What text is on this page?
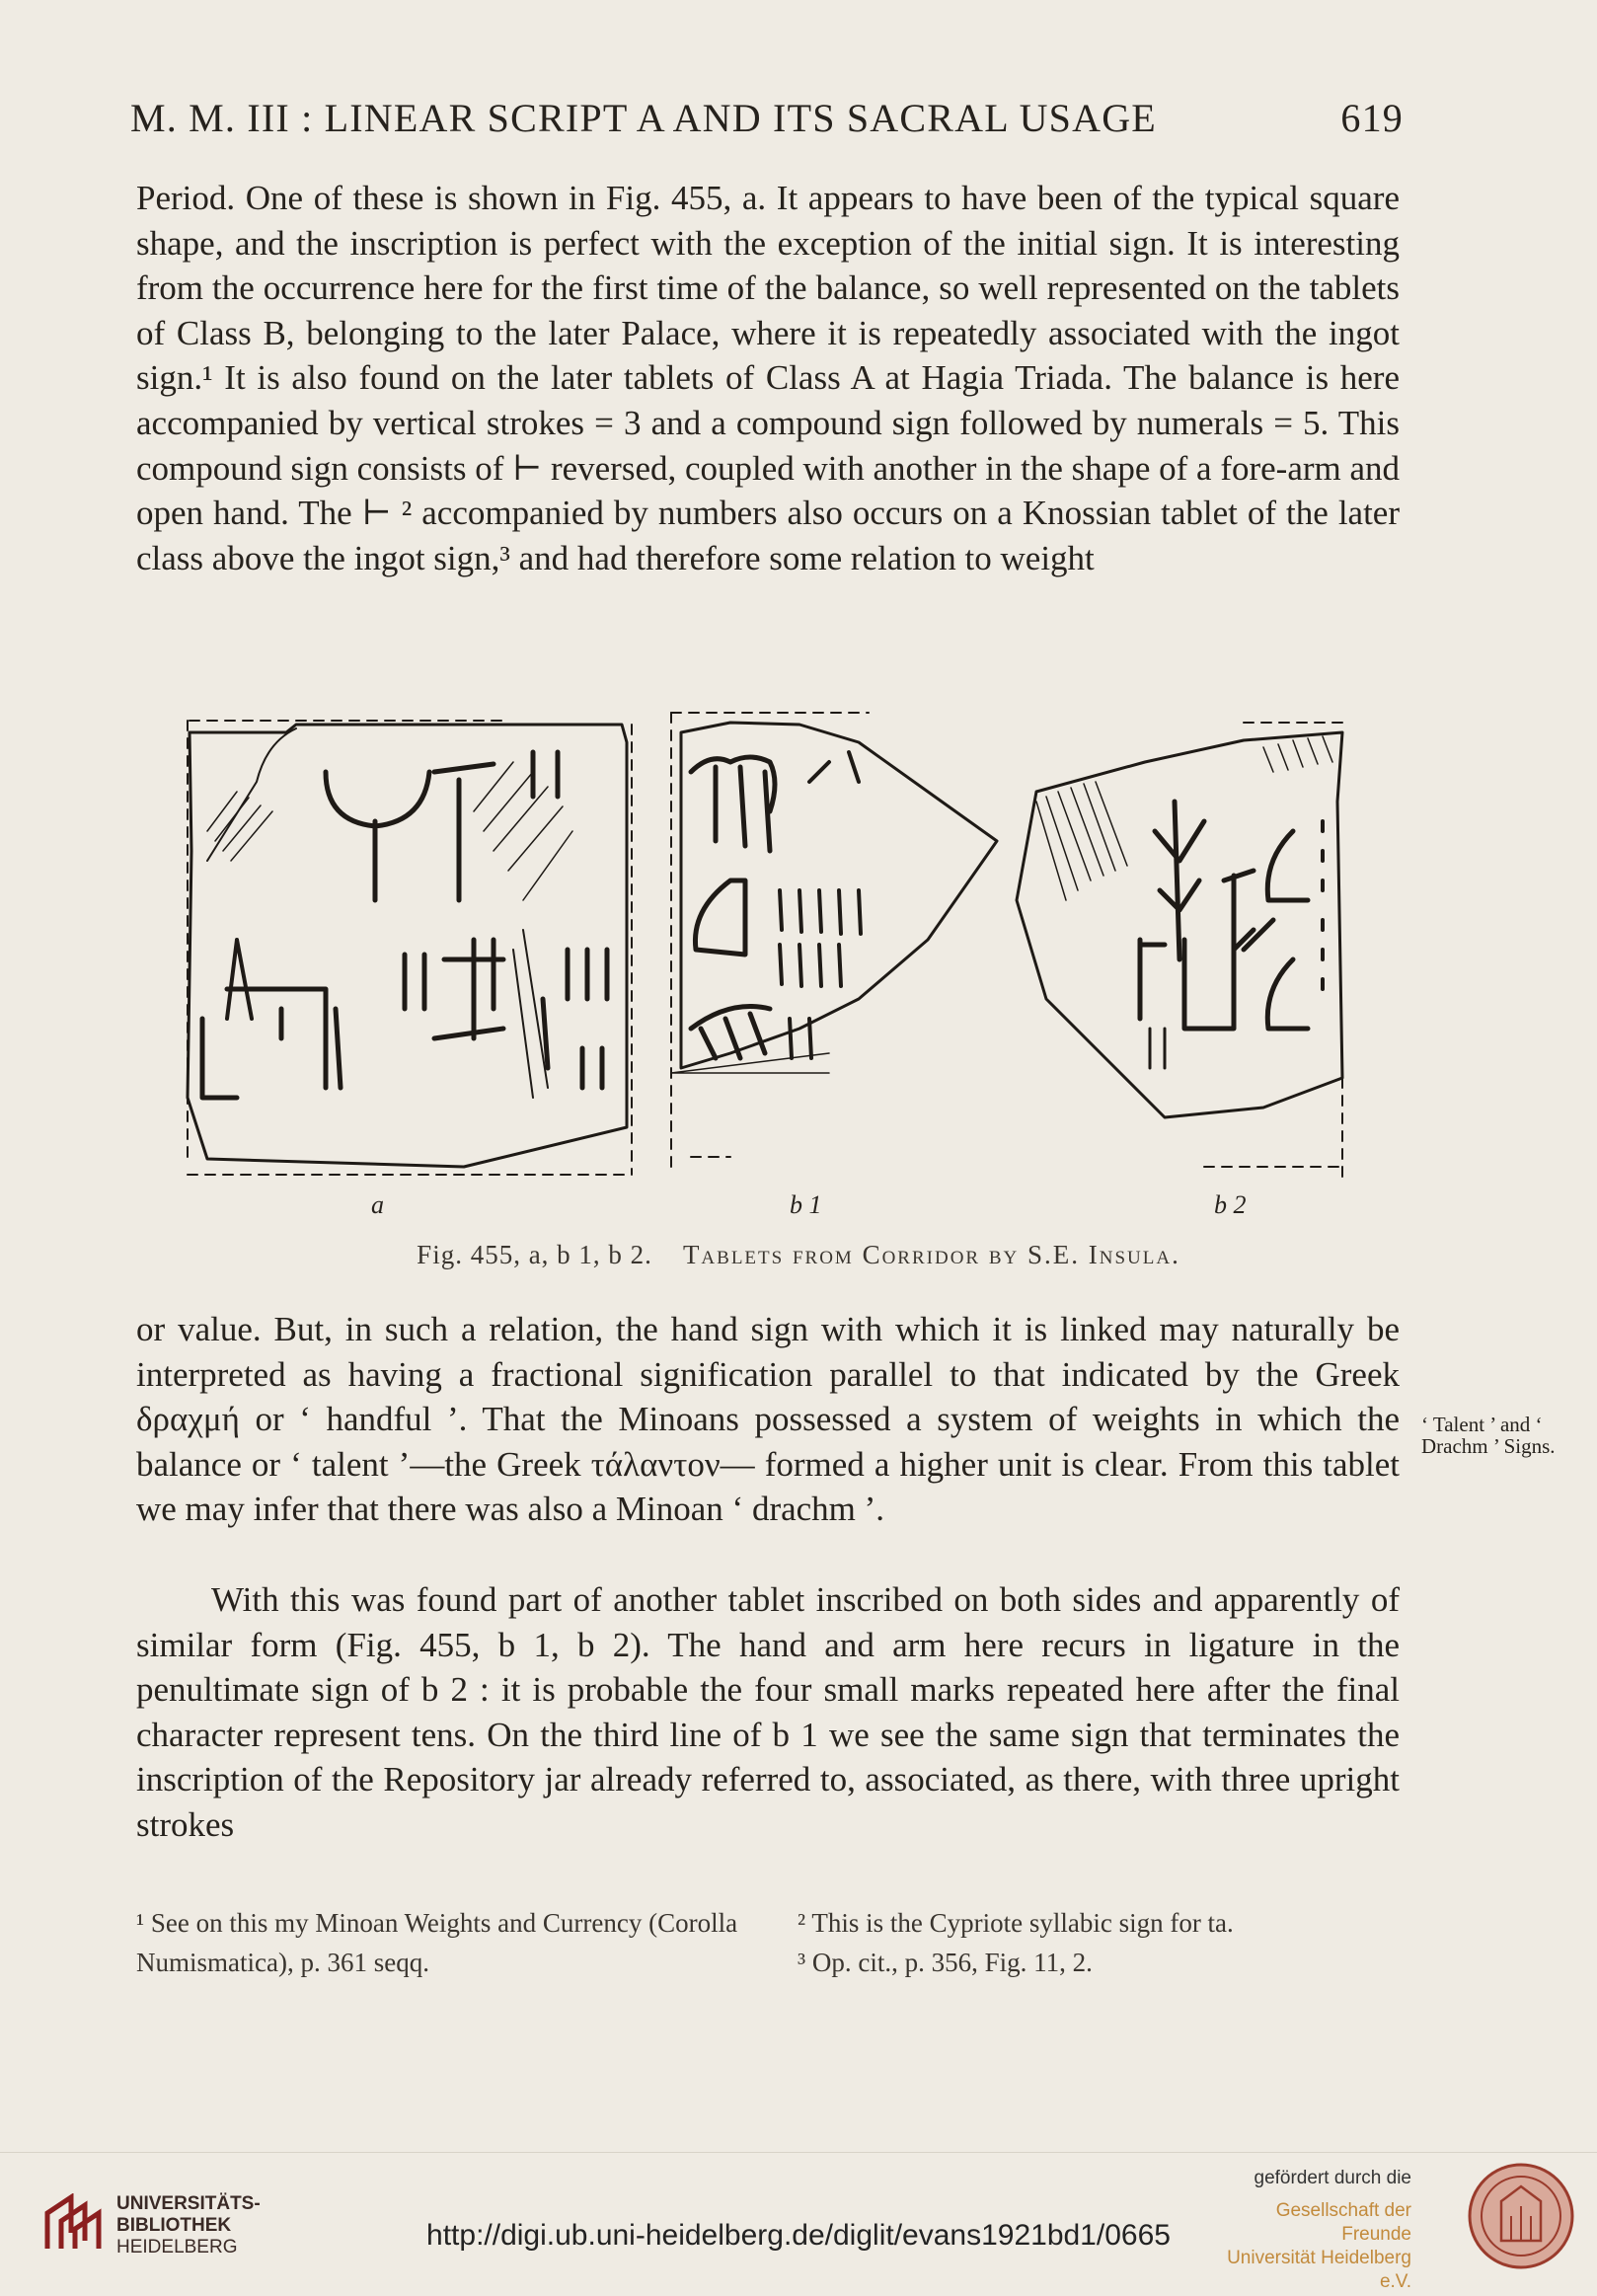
M. M. III : LINEAR SCRIPT A AND ITS SACRAL USAGE	619
Period. One of these is shown in Fig. 455, a. It appears to have been of the typical square shape, and the inscription is perfect with the exception of the initial sign. It is interesting from the occurrence here for the first time of the balance, so well represented on the tablets of Class B, belonging to the later Palace, where it is repeatedly associated with the ingot sign.¹ It is also found on the later tablets of Class A at Hagia Triada. The balance is here accompanied by vertical strokes = 3 and a compound sign followed by numerals = 5. This compound sign consists of ⊢ reversed, coupled with another in the shape of a fore-arm and open hand. The ⊢ ² accompanied by numbers also occurs on a Knossian tablet of the later class above the ingot sign,³ and had therefore some relation to weight
a	b 1	b 2
Fig. 455, a, b 1, b 2. Tablets from Corridor by S.E. Insula.
or value. But, in such a relation, the hand sign with which it is linked may naturally be interpreted as having a fractional signification parallel to that indicated by the Greek δραχμή or ‘ handful ’. That the Minoans possessed a system of weights in which the balance or ‘ talent ’—the Greek τάλαντον— formed a higher unit is clear. From this tablet we may infer that there was also a Minoan ‘ drachm ’.
‘ Talent ’ and ‘ Drachm ’ Signs.
With this was found part of another tablet inscribed on both sides and apparently of similar form (Fig. 455, b 1, b 2). The hand and arm here recurs in ligature in the penultimate sign of b 2 : it is probable the four small marks repeated here after the final character represent tens. On the third line of b 1 we see the same sign that terminates the inscription of the Repository jar already referred to, associated, as there, with three upright strokes
¹ See on this my Minoan Weights and Currency (Corolla Numismatica), p. 361 seqq.
² This is the Cypriote syllabic sign for ta.
³ Op. cit., p. 356, Fig. 11, 2.
UNIVERSITÄTS-
BIBLIOTHEK
HEIDELBERG	http://digi.ub.uni-heidelberg.de/diglit/evans1921bd1/0665
gefördert durch die
Gesellschaft der Freunde
Universität Heidelberg e.V.
